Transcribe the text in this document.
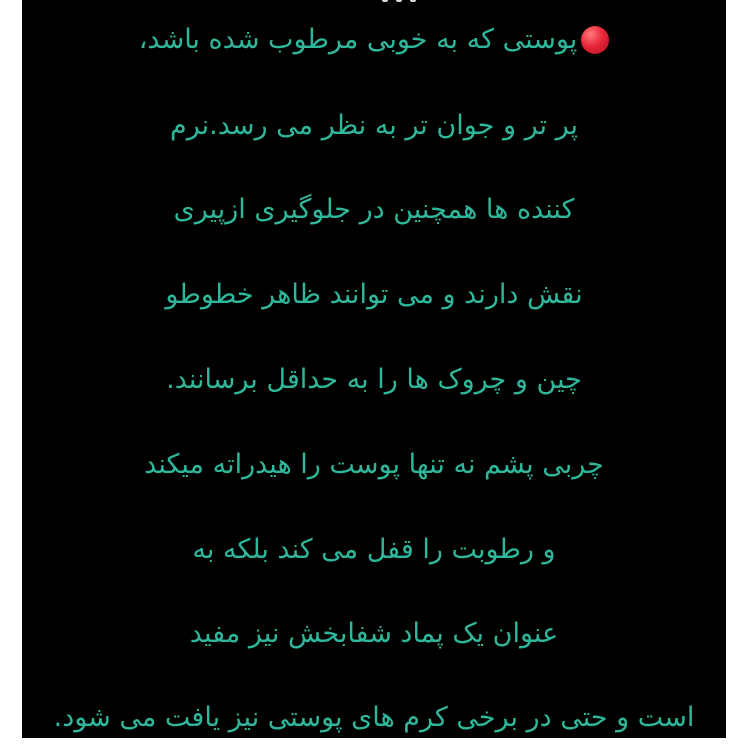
پوستی که به خوبی مرطوب شده باشد،
پر تر و جوان تر به نظر می رسد.نرم
کننده ها همچنین در جلوگیری ازپیری
نقش دارند و می توانند ظاهر خطوطو
چین و چروک ها را به حداقل برسانند.
چربی پشم نه تنها پوست را هیدراته میکند
و رطوبت را قفل می کند بلکه به
عنوان یک پماد شفابخش نیز مفید
است و حتی در برخی کرم های پوستی نیز یافت می شود.
